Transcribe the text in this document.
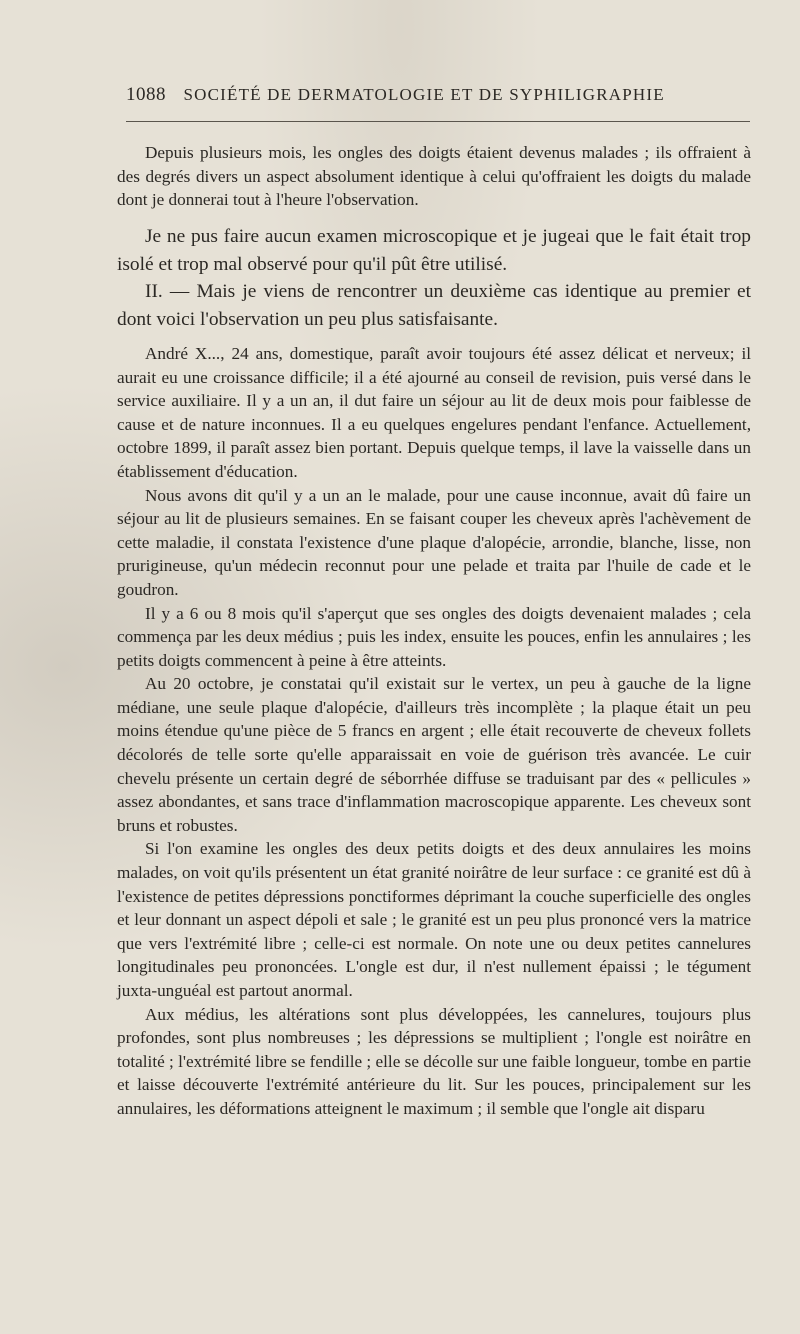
1088 SOCIÉTÉ DE DERMATOLOGIE ET DE SYPHILIGRAPHIE

Depuis plusieurs mois, les ongles des doigts étaient devenus malades ; ils offraient à des degrés divers un aspect absolument identique à celui qu'offraient les doigts du malade dont je donnerai tout à l'heure l'observation.

Je ne pus faire aucun examen microscopique et je jugeai que le fait était trop isolé et trop mal observé pour qu'il pût être utilisé.

II. — Mais je viens de rencontrer un deuxième cas identique au premier et dont voici l'observation un peu plus satisfaisante.

André X..., 24 ans, domestique, paraît avoir toujours été assez délicat et nerveux; il aurait eu une croissance difficile; il a été ajourné au conseil de revision, puis versé dans le service auxiliaire. Il y a un an, il dut faire un séjour au lit de deux mois pour faiblesse de cause et de nature inconnues. Il a eu quelques engelures pendant l'enfance. Actuellement, octobre 1899, il paraît assez bien portant. Depuis quelque temps, il lave la vaisselle dans un établissement d'éducation.

Nous avons dit qu'il y a un an le malade, pour une cause inconnue, avait dû faire un séjour au lit de plusieurs semaines. En se faisant couper les cheveux après l'achèvement de cette maladie, il constata l'existence d'une plaque d'alopécie, arrondie, blanche, lisse, non prurigineuse, qu'un médecin reconnut pour une pelade et traita par l'huile de cade et le goudron.

Il y a 6 ou 8 mois qu'il s'aperçut que ses ongles des doigts devenaient malades ; cela commença par les deux médius ; puis les index, ensuite les pouces, enfin les annulaires ; les petits doigts commencent à peine à être atteints.

Au 20 octobre, je constatai qu'il existait sur le vertex, un peu à gauche de la ligne médiane, une seule plaque d'alopécie, d'ailleurs très incomplète ; la plaque était un peu moins étendue qu'une pièce de 5 francs en argent ; elle était recouverte de cheveux follets décolorés de telle sorte qu'elle apparaissait en voie de guérison très avancée. Le cuir chevelu présente un certain degré de séborrhée diffuse se traduisant par des « pellicules » assez abondantes, et sans trace d'inflammation macroscopique apparente. Les cheveux sont bruns et robustes.

Si l'on examine les ongles des deux petits doigts et des deux annulaires les moins malades, on voit qu'ils présentent un état granité noirâtre de leur surface : ce granité est dû à l'existence de petites dépressions ponctiformes déprimant la couche superficielle des ongles et leur donnant un aspect dépoli et sale ; le granité est un peu plus prononcé vers la matrice que vers l'extrémité libre ; celle-ci est normale. On note une ou deux petites cannelures longitudinales peu prononcées. L'ongle est dur, il n'est nullement épaissi ; le tégument juxta-unguéal est partout anormal.

Aux médius, les altérations sont plus développées, les cannelures, toujours plus profondes, sont plus nombreuses ; les dépressions se multiplient ; l'ongle est noirâtre en totalité ; l'extrémité libre se fendille ; elle se décolle sur une faible longueur, tombe en partie et laisse découverte l'extrémité antérieure du lit. Sur les pouces, principalement sur les annulaires, les déformations atteignent le maximum ; il semble que l'ongle ait disparu
